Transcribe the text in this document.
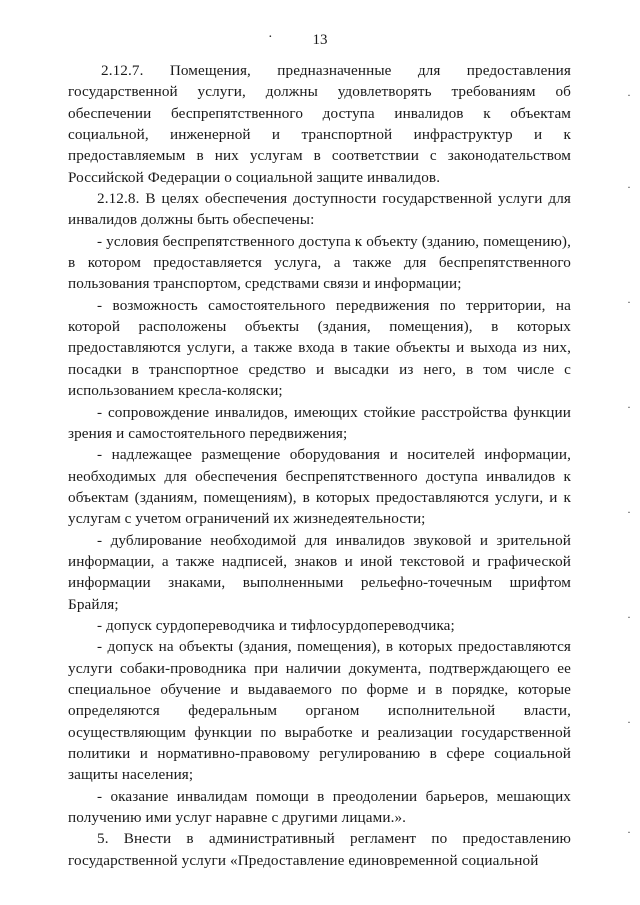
·	13

2.12.7. Помещения, предназначенные для предоставления государственной услуги, должны удовлетворять требованиям об обеспечении беспрепятственного доступа инвалидов к объектам социальной, инженерной и транспортной инфраструктур и к предоставляемым в них услугам в соответствии с законодательством Российской Федерации о социальной защите инвалидов.

2.12.8. В целях обеспечения доступности государственной услуги для инвалидов должны быть обеспечены:

- условия беспрепятственного доступа к объекту (зданию, помещению), в котором предоставляется услуга, а также для беспрепятственного пользования транспортом, средствами связи и информации;

- возможность самостоятельного передвижения по территории, на которой расположены объекты (здания, помещения), в которых предоставляются услуги, а также входа в такие объекты и выхода из них, посадки в транспортное средство и высадки из него, в том числе с использованием кресла-коляски;

- сопровождение инвалидов, имеющих стойкие расстройства функции зрения и самостоятельного передвижения;

- надлежащее размещение оборудования и носителей информации, необходимых для обеспечения беспрепятственного доступа инвалидов к объектам (зданиям, помещениям), в которых предоставляются услуги, и к услугам с учетом ограничений их жизнедеятельности;

- дублирование необходимой для инвалидов звуковой и зрительной информации, а также надписей, знаков и иной текстовой и графической информации знаками, выполненными рельефно-точечным шрифтом Брайля;

- допуск сурдопереводчика и тифлосурдопереводчика;

- допуск на объекты (здания, помещения), в которых предоставляются услуги собаки-проводника при наличии документа, подтверждающего ее специальное обучение и выдаваемого по форме и в порядке, которые определяются федеральным органом исполнительной власти, осуществляющим функции по выработке и реализации государственной политики и нормативно-правовому регулированию в сфере социальной защиты населения;

- оказание инвалидам помощи в преодолении барьеров, мешающих получению ими услуг наравне с другими лицами.».

5. Внести в административный регламент по предоставлению государственной услуги «Предоставление единовременной социальной

·
·
·
·
·
·
·
·
